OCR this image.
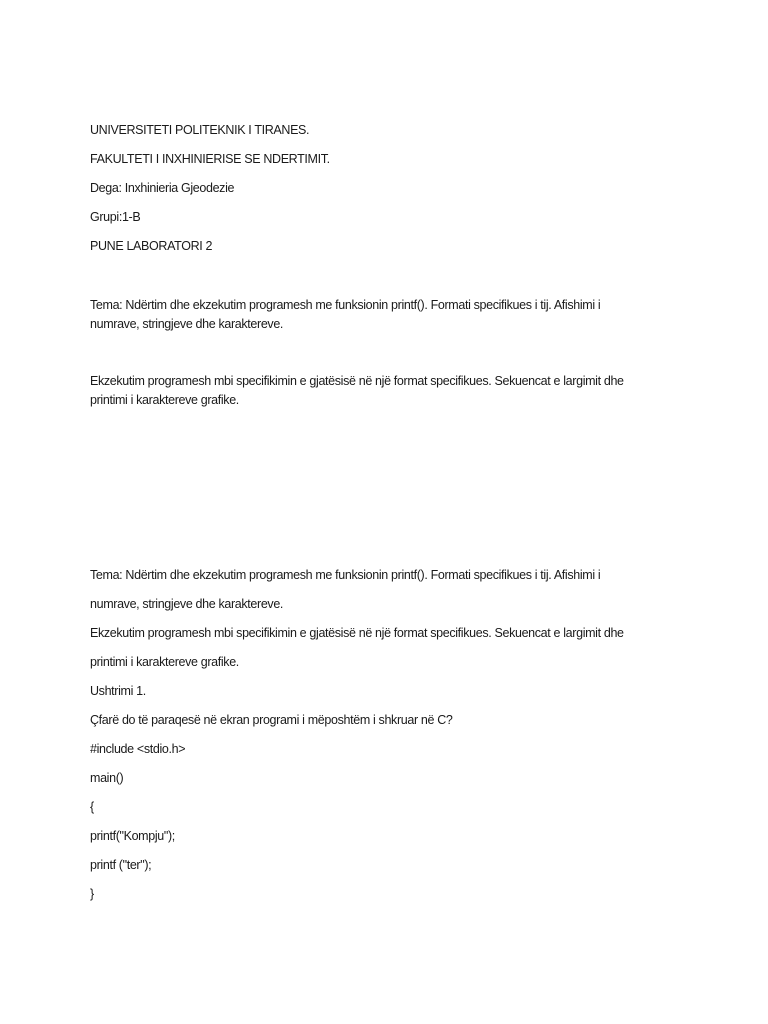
UNIVERSITETI POLITEKNIK I TIRANES.
FAKULTETI I INXHINIERISE SE NDERTIMIT.
Dega: Inxhinieria Gjeodezie
Grupi:1-B
PUNE LABORATORI 2
Tema: Ndërtim dhe ekzekutim programesh me funksionin printf(). Formati specifikues i tij. Afishimi i
numrave, stringjeve dhe karaktereve.
Ekzekutim programesh mbi specifikimin e gjatësisë në një format specifikues. Sekuencat e largimit dhe
printimi i karaktereve grafike.
Tema: Ndërtim dhe ekzekutim programesh me funksionin printf(). Formati specifikues i tij. Afishimi i
numrave, stringjeve dhe karaktereve.
Ekzekutim programesh mbi specifikimin e gjatësisë në një format specifikues. Sekuencat e largimit dhe
printimi i karaktereve grafike.
Ushtrimi 1.
Çfarë do të paraqesë në ekran programi i mëposhtëm i shkruar në C?
#include <stdio.h>
main()
{
printf("Kompju");
printf ("ter");
}
